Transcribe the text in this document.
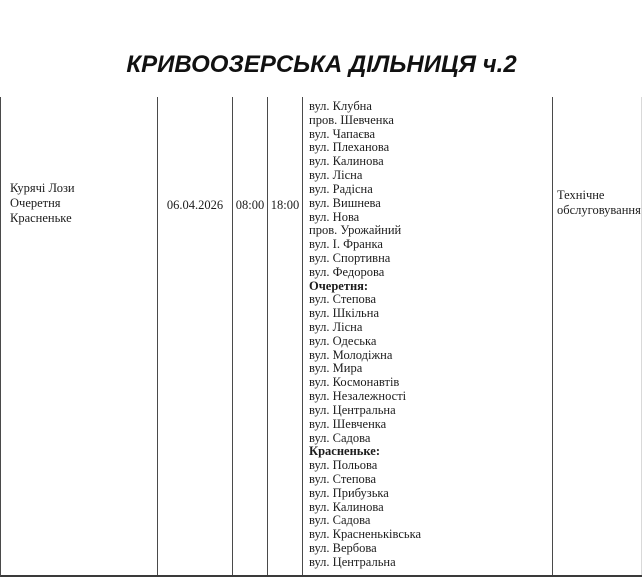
КРИВООЗЕРСЬКА ДІЛЬНИЦЯ ч.2
Курячі Лози
Очеретня
Красненьке
06.04.2026	08:00 18:00
вул. Клубна
пров. Шевченка
вул. Чапаєва
вул. Плеханова
вул. Калинова
вул. Лісна
вул. Радісна
вул. Вишнева
вул. Нова
пров. Урожайний
вул. І. Франка
вул. Спортивна
вул. Федорова
Очеретня:
вул. Степова
вул. Шкільна
вул. Лісна
вул. Одеська
вул. Молодіжна
вул. Мира
вул. Космонавтів
вул. Незалежності
вул. Центральна
вул. Шевченка
вул. Садова
Красненьке:
вул. Польова
вул. Степова
вул. Прибузька
вул. Калинова
вул. Садова
вул. Красненьківська
вул. Вербова
вул. Центральна
Технічне обслуговування
